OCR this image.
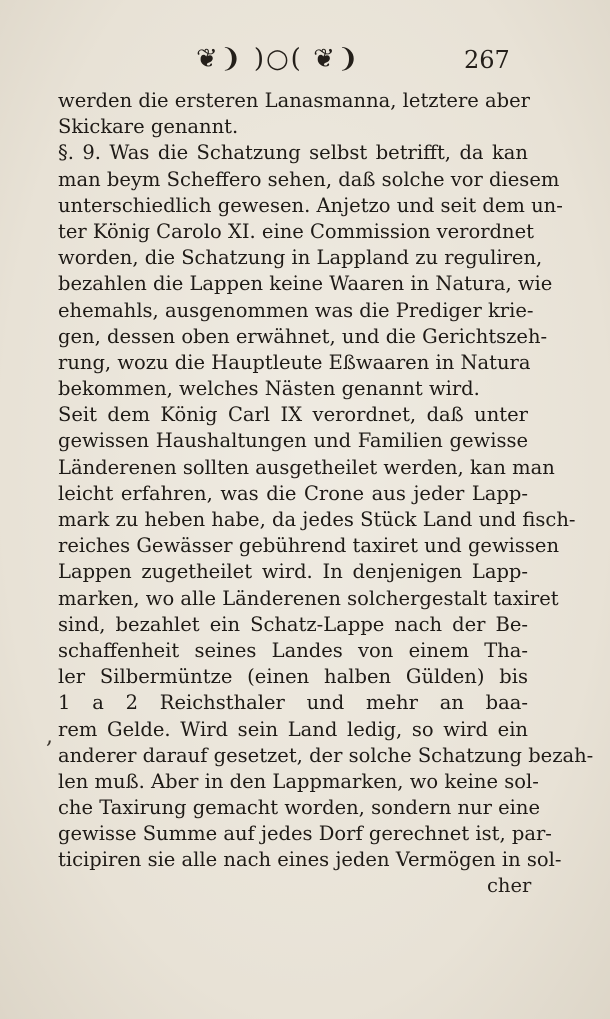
❦❩ )○( ❦❩	267
werden die ersteren Lanasmanna, letztere aber
Skickare genannt.
§. 9. Was die Schatzung selbst betrifft, da kan
man beym Scheffero sehen, daß solche vor diesem
unterschiedlich gewesen. Anjetzo und seit dem un-
ter König Carolo XI. eine Commission verordnet
worden, die Schatzung in Lappland zu reguliren,
bezahlen die Lappen keine Waaren in Natura, wie
ehemahls, ausgenommen was die Prediger krie-
gen, dessen oben erwähnet, und die Gerichtszeh-
rung, wozu die Hauptleute Eßwaaren in Natura
bekommen, welches Nästen genannt wird.
Seit dem König Carl IX verordnet, daß unter
gewissen Haushaltungen und Familien gewisse
Länderenen sollten ausgetheilet werden, kan man
leicht erfahren, was die Crone aus jeder Lapp-
mark zu heben habe, da jedes Stück Land und fisch-
reiches Gewässer gebührend taxiret und gewissen
Lappen zugetheilet wird. In denjenigen Lapp-
marken, wo alle Länderenen solchergestalt taxiret
sind, bezahlet ein Schatz-Lappe nach der Be-
schaffenheit seines Landes von einem Tha-
ler Silbermüntze (einen halben Gülden) bis
1 a 2 Reichsthaler und mehr an baa-
rem Gelde. Wird sein Land ledig, so wird ein
anderer darauf gesetzet, der solche Schatzung bezah-
len muß. Aber in den Lappmarken, wo keine sol-
che Taxirung gemacht worden, sondern nur eine
gewisse Summe auf jedes Dorf gerechnet ist, par-
ticipiren sie alle nach eines jeden Vermögen in sol-
,
cher
